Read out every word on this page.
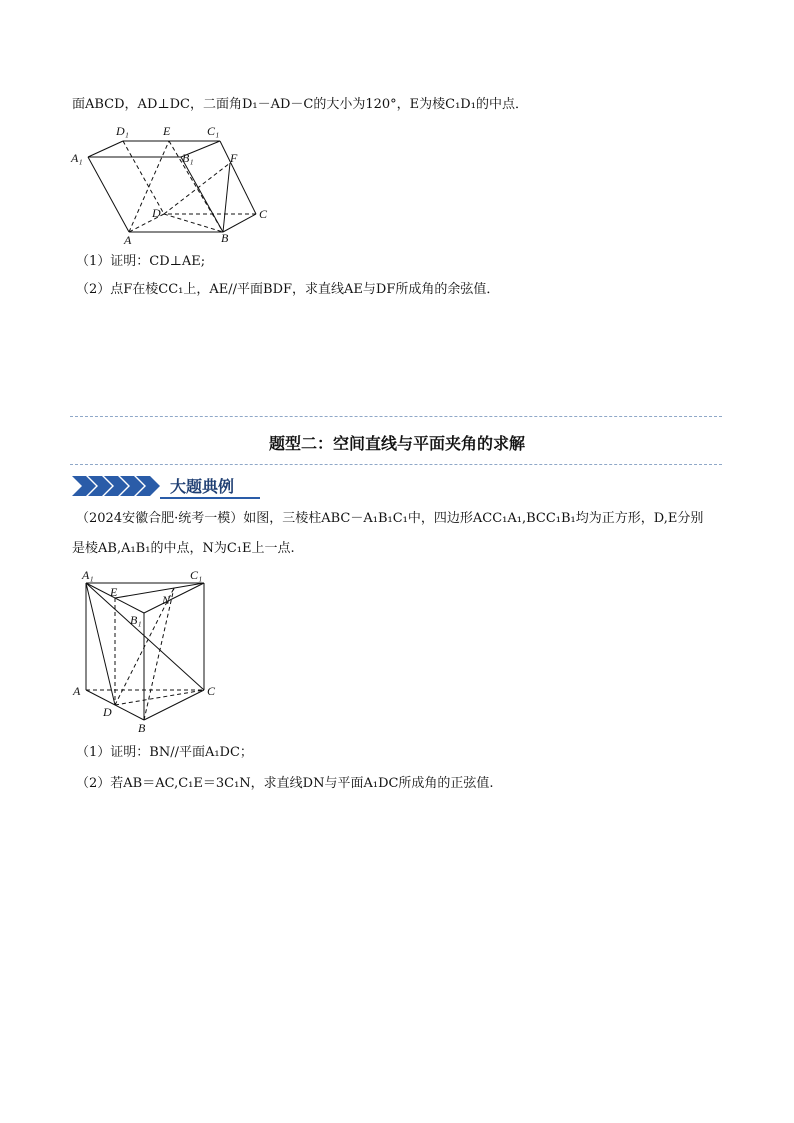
面ABCD，AD⊥DC，二面角D₁－AD－C的大小为120°，E为棱C₁D₁的中点．
D₁	E	C₁
A₁	B₁	F
D	C
A	B
（1）证明：CD⊥AE;
（2）点F在棱CC₁上，AE//平面BDF，求直线AE与DF所成角的余弦值．
题型二：空间直线与平面夹角的求解
大题典例
（2024安徽合肥·统考一模）如图，三棱柱ABC－A₁B₁C₁中，四边形ACC₁A₁,BCC₁B₁均为正方形，D,E分别
是棱AB,A₁B₁的中点，N为C₁E上一点.
A₁	C₁
E
N
B₁
A	C
D
B
（1）证明：BN//平面A₁DC；
（2）若AB＝AC,C₁E＝3C₁N，求直线DN与平面A₁DC所成角的正弦值.
